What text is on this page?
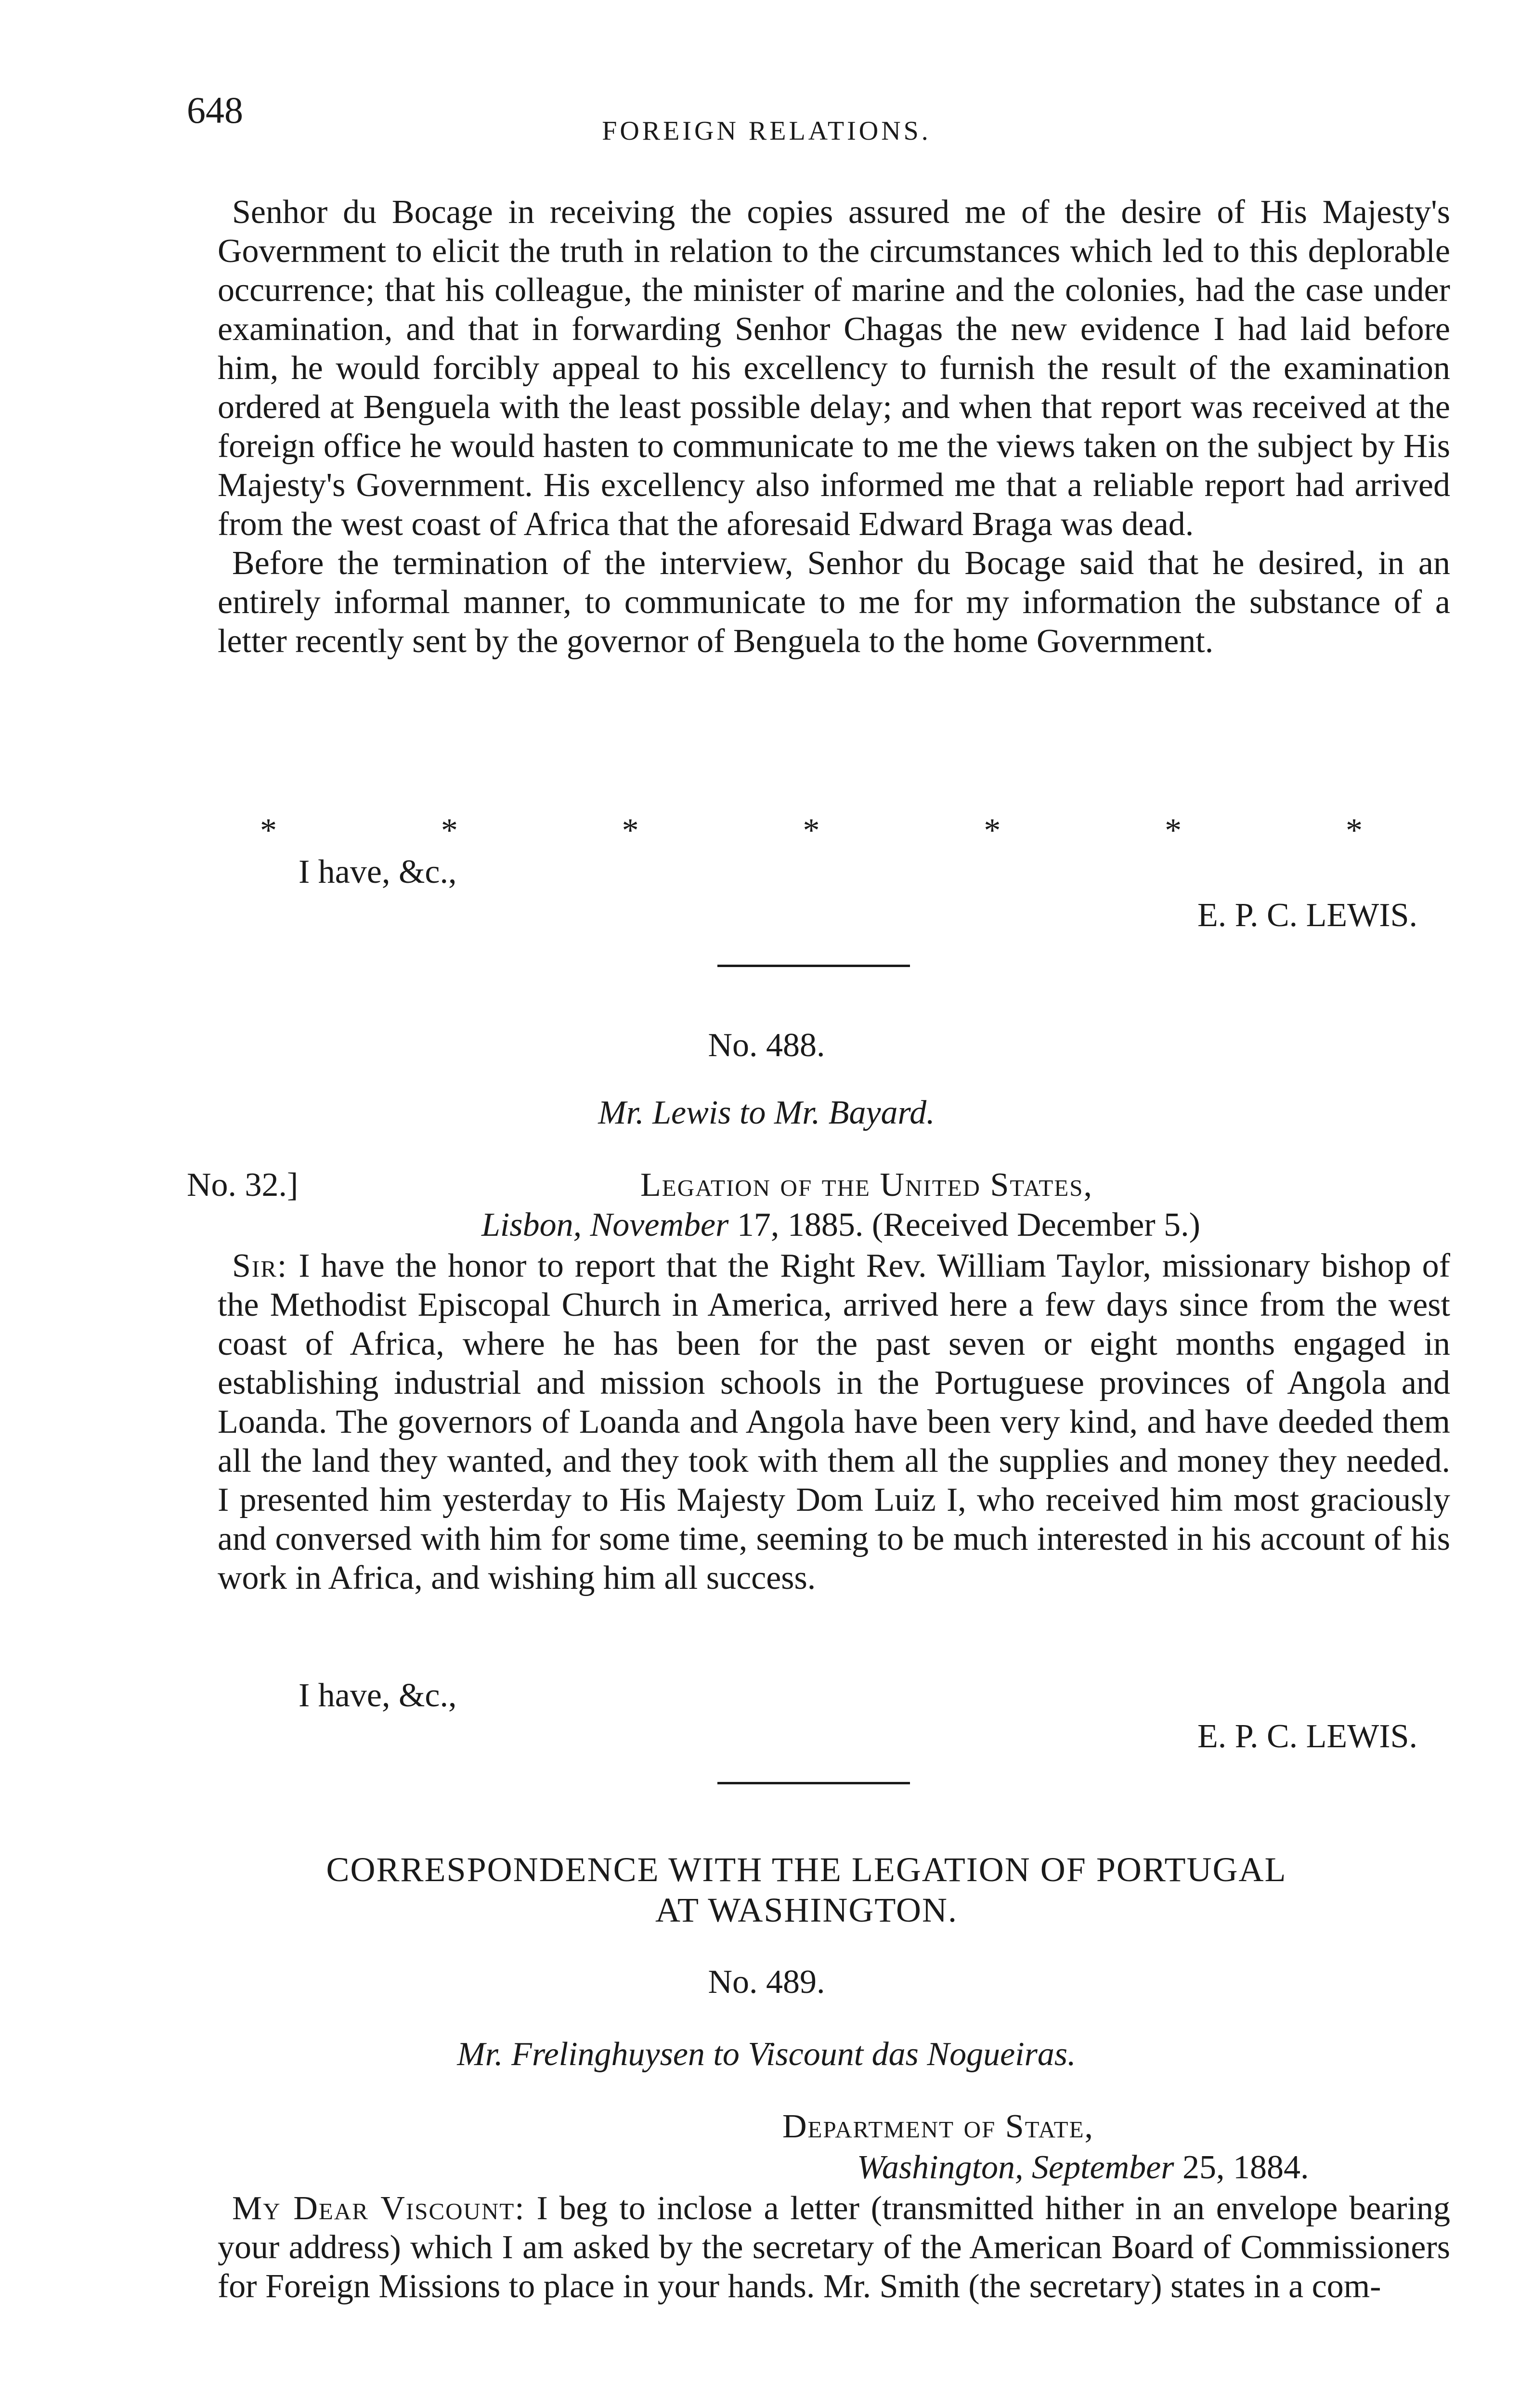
648	FOREIGN RELATIONS.

Senhor du Bocage in receiving the copies assured me of the desire of His Majesty's Government to elicit the truth in relation to the circumstances which led to this deplorable occurrence; that his colleague, the minister of marine and the colonies, had the case under examination, and that in forwarding Senhor Chagas the new evidence I had laid before him, he would forcibly appeal to his excellency to furnish the result of the examination ordered at Benguela with the least possible delay; and when that report was received at the foreign office he would hasten to communicate to me the views taken on the subject by His Majesty's Government. His excellency also informed me that a reliable report had arrived from the west coast of Africa that the aforesaid Edward Braga was dead.

Before the termination of the interview, Senhor du Bocage said that he desired, in an entirely informal manner, to communicate to me for my information the substance of a letter recently sent by the governor of Benguela to the home Government.

*	*	*	*	*	*	*
I have, &c.,
E. P. C. LEWIS.
No. 488.
Mr. Lewis to Mr. Bayard.
No. 32.]	Legation of the United States,
Lisbon, November 17, 1885. (Received December 5.)

Sir: I have the honor to report that the Right Rev. William Taylor, missionary bishop of the Methodist Episcopal Church in America, arrived here a few days since from the west coast of Africa, where he has been for the past seven or eight months engaged in establishing industrial and mission schools in the Portuguese provinces of Angola and Loanda. The governors of Loanda and Angola have been very kind, and have deeded them all the land they wanted, and they took with them all the supplies and money they needed. I presented him yesterday to His Majesty Dom Luiz I, who received him most graciously and conversed with him for some time, seeming to be much interested in his account of his work in Africa, and wishing him all success.

I have, &c.,
E. P. C. LEWIS.
CORRESPONDENCE WITH THE LEGATION OF PORTUGAL
AT WASHINGTON.
No. 489.
Mr. Frelinghuysen to Viscount das Nogueiras.
Department of State,
Washington, September 25, 1884.

My Dear Viscount: I beg to inclose a letter (transmitted hither in an envelope bearing your address) which I am asked by the secretary of the American Board of Commissioners for Foreign Missions to place in your hands. Mr. Smith (the secretary) states in a com-
